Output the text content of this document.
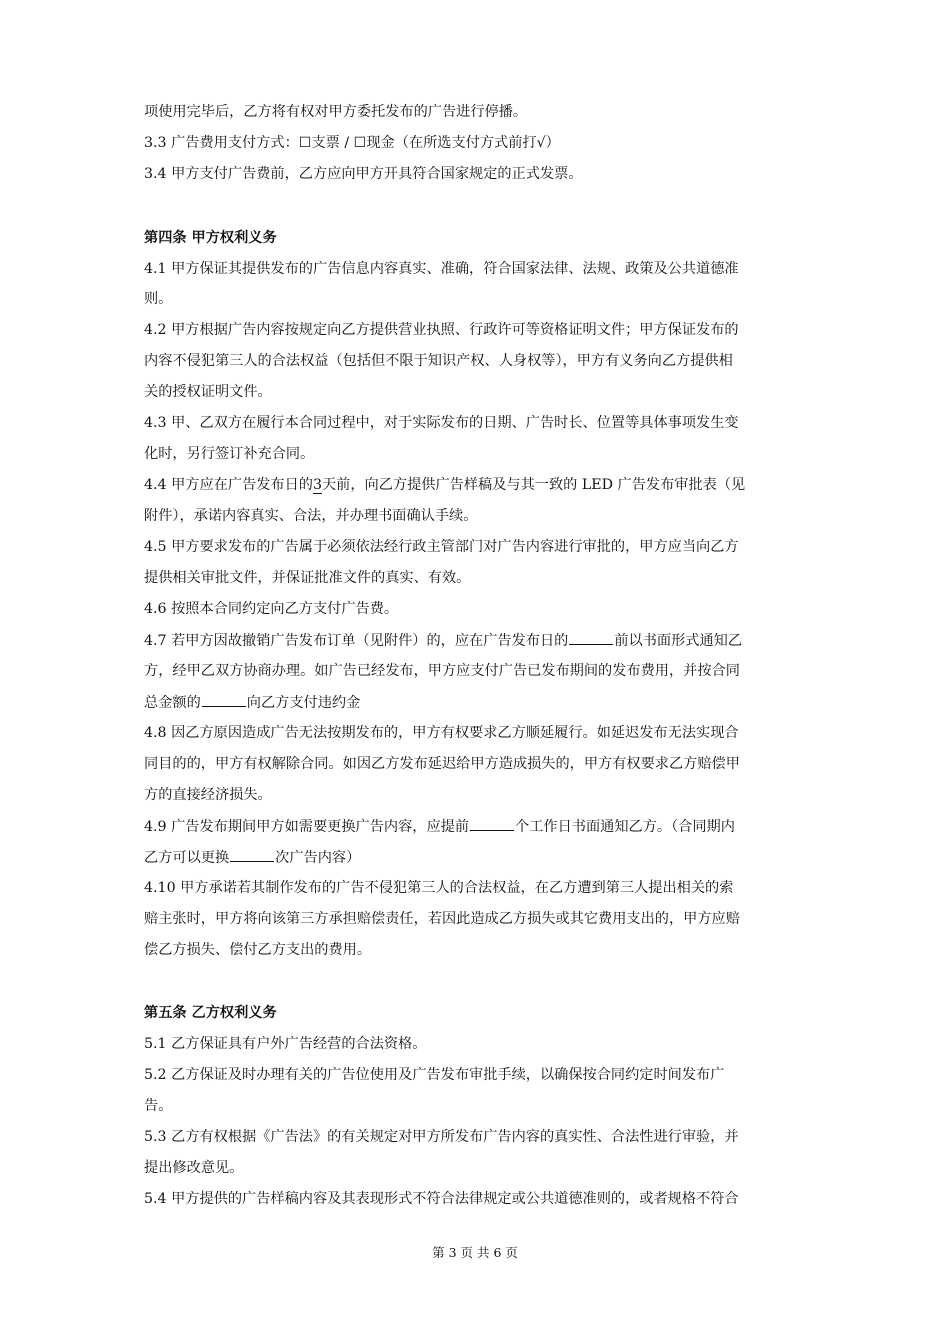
项使用完毕后，乙方将有权对甲方委托发布的广告进行停播。
3.3 广告费用支付方式：☐支票 / ☐现金（在所选支付方式前打√）
3.4 甲方支付广告费前，乙方应向甲方开具符合国家规定的正式发票。
第四条 甲方权利义务
4.1 甲方保证其提供发布的广告信息内容真实、准确，符合国家法律、法规、政策及公共道德准
则。
4.2 甲方根据广告内容按规定向乙方提供营业执照、行政许可等资格证明文件；甲方保证发布的
内容不侵犯第三人的合法权益（包括但不限于知识产权、人身权等），甲方有义务向乙方提供相
关的授权证明文件。
4.3 甲、乙双方在履行本合同过程中，对于实际发布的日期、广告时长、位置等具体事项发生变
化时，另行签订补充合同。
4.4 甲方应在广告发布日的3天前，向乙方提供广告样稿及与其一致的 LED 广告发布审批表（见
附件），承诺内容真实、合法，并办理书面确认手续。
4.5 甲方要求发布的广告属于必须依法经行政主管部门对广告内容进行审批的，甲方应当向乙方
提供相关审批文件，并保证批准文件的真实、有效。
4.6 按照本合同约定向乙方支付广告费。
4.7 若甲方因故撤销广告发布订单（见附件）的，应在广告发布日的	前以书面形式通知乙
方，经甲乙双方协商办理。如广告已经发布，甲方应支付广告已发布期间的发布费用，并按合同
总金额的	向乙方支付违约金
4.8 因乙方原因造成广告无法按期发布的，甲方有权要求乙方顺延履行。如延迟发布无法实现合
同目的的，甲方有权解除合同。如因乙方发布延迟给甲方造成损失的，甲方有权要求乙方赔偿甲
方的直接经济损失。
4.9 广告发布期间甲方如需要更换广告内容，应提前	个工作日书面通知乙方。（合同期内
乙方可以更换	次广告内容）
4.10 甲方承诺若其制作发布的广告不侵犯第三人的合法权益，在乙方遭到第三人提出相关的索
赔主张时，甲方将向该第三方承担赔偿责任，若因此造成乙方损失或其它费用支出的，甲方应赔
偿乙方损失、偿付乙方支出的费用。
第五条 乙方权利义务
5.1 乙方保证具有户外广告经营的合法资格。
5.2 乙方保证及时办理有关的广告位使用及广告发布审批手续，以确保按合同约定时间发布广
告。
5.3 乙方有权根据《广告法》的有关规定对甲方所发布广告内容的真实性、合法性进行审验，并
提出修改意见。
5.4 甲方提供的广告样稿内容及其表现形式不符合法律规定或公共道德准则的，或者规格不符合
第 3 页 共 6 页
